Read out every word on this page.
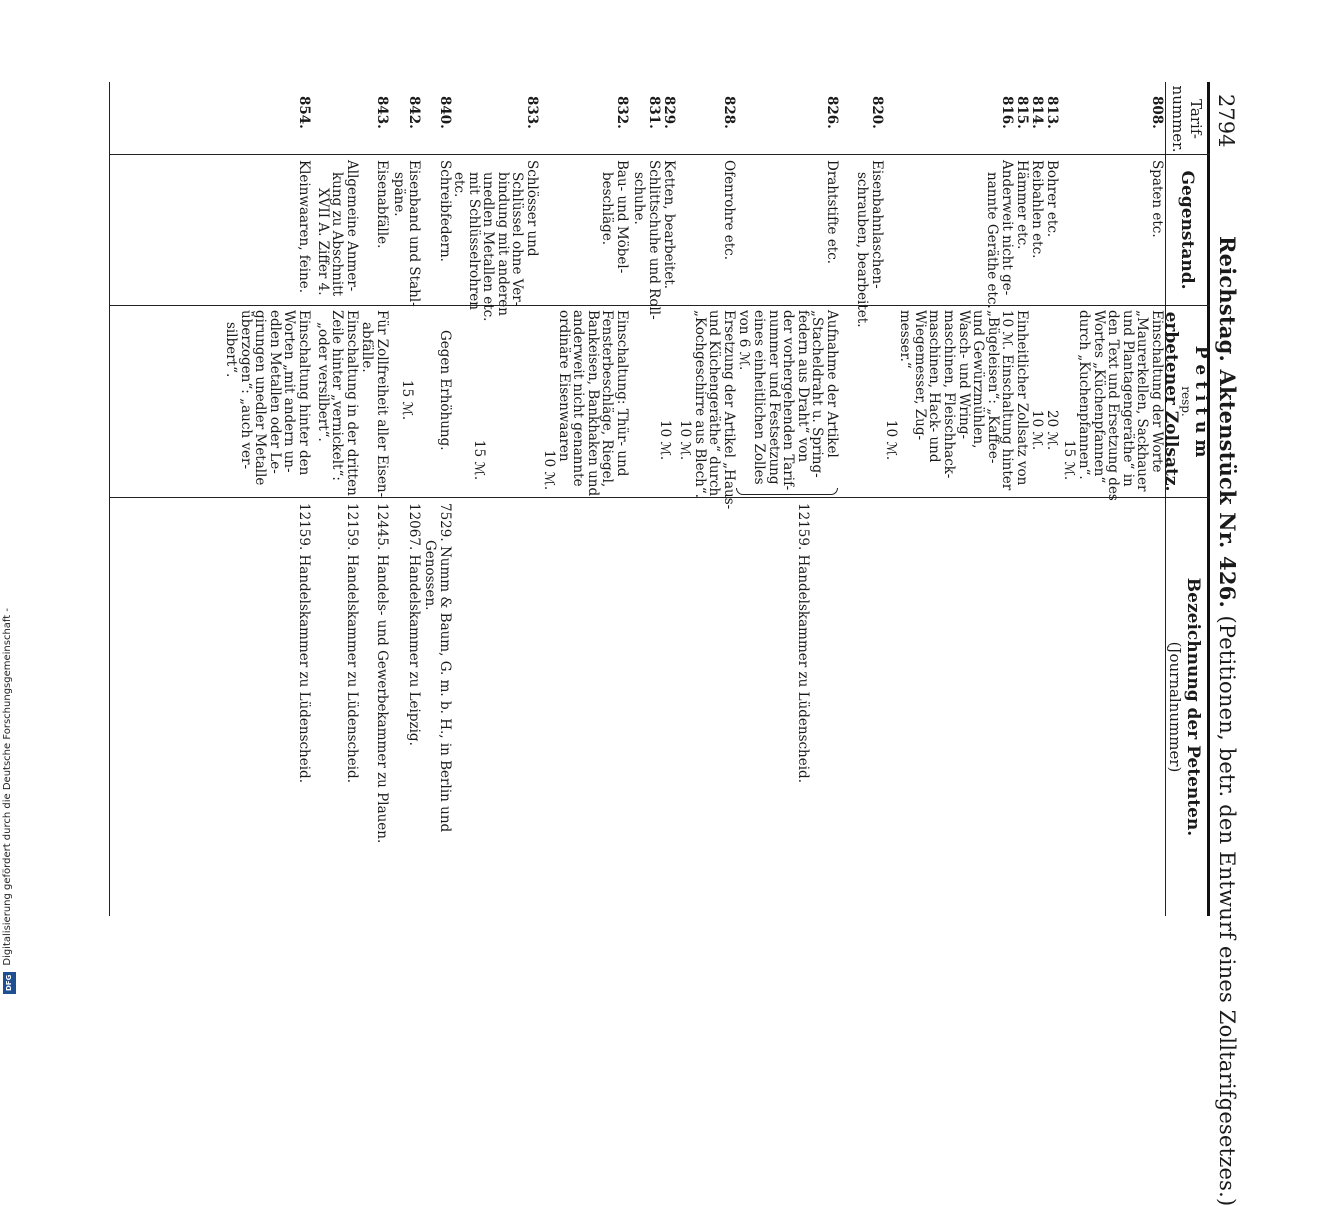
2794
Reichstag. Aktenstück Nr. 426. (Petitionen, betr. den Entwurf eines Zolltarifgesetzes.)
Tarif-
nummer.
Gegenstand.
P e t i t u m
resp.
erbetener Zollsatz.
Bezeichnung der Petenten.
(Journalnummer)
808.
Spaten etc.
Einschaltung der Worte
„Maurerkellen, Sackhauer
und Plantagengeräthe“ in
den Text und Ersetzung des
Wortes „Küchenpfannen“
durch „Kuchenpfannen“.
15 ℳ.
813.
Bohrer etc.
20 ℳ.
814.
Reibahlen etc.
10 ℳ.
815.
Hämmer etc.
Einheitlicher Zollsatz von
10 ℳ. Einschaltung hinter
„Bügeleisen“: „Kaffee-
und Gewürzmühlen,
Wasch- und Wring-
maschinen, Fleischhack-
maschinen, Hack- und
Wiegemesser, Zug-
messer.“
10 ℳ.
816.
Anderweit nicht ge-
nannte Geräthe etc.
820.
Eisenbahnlaschen-
schrauben, bearbeitet.
826.
Drahtstifte etc.
Aufnahme der Artikel
„Stacheldraht u. Spring-
federn aus Draht“ von
der vorhergehenden Tarif-
nummer und Festsetzung
eines einheitlichen Zolles
von 6 ℳ.
12159. Handelskammer zu Lüdenscheid.
828.
Ofenrohre etc.
Ersetzung der Artikel „Haus-
und Küchengeräthe“ durch
„Kochgeschirre aus Blech“.
10 ℳ.
829.
Ketten, bearbeitet.
10 ℳ.
831.
Schlittschuhe und Roll-
schuhe.
832.
Bau- und Möbel-
beschläge.
Einschaltung: Thür- und
Fensterbeschläge, Riegel,
Bankeisen, Bankhaken und
anderweit nicht genannte
ordinäre Eisenwaaren
10 ℳ.
833.
Schlösser und
Schlüssel ohne Ver-
bindung mit anderen
unedlen Metallen etc.
mit Schlüsselrohren
etc.
15 ℳ.
840.
Schreibfedern.
Gegen Erhöhung.
7529. Numm & Baum, G. m. b. H., in Berlin und
Genossen.
842.
Eisenband und Stahl-
späne.
15 ℳ.
12067. Handelskammer zu Leipzig.
843.
Eisenabfälle.
Für Zollfreiheit aller Eisen-
abfälle.
12445. Handels- und Gewerbekammer zu Plauen.
Allgemeine Anmer-
kung zu Abschnitt
XVII A. Ziffer 4.
Einschaltung in der dritten
Zeile hinter „vernickelt“:
„oder versilbert“.
12159. Handelskammer zu Lüdenscheid.
854.
Kleinwaaren, feine.
Einschaltung hinter den
Worten „mit andern un-
edlen Metallen oder Le-
girungen unedler Metalle
überzogen“: „auch ver-
silbert“.
12159. Handelskammer zu Lüdenscheid.
Digitalisierung gefördert durch die Deutsche Forschungsgemeinschaft -
DFG
